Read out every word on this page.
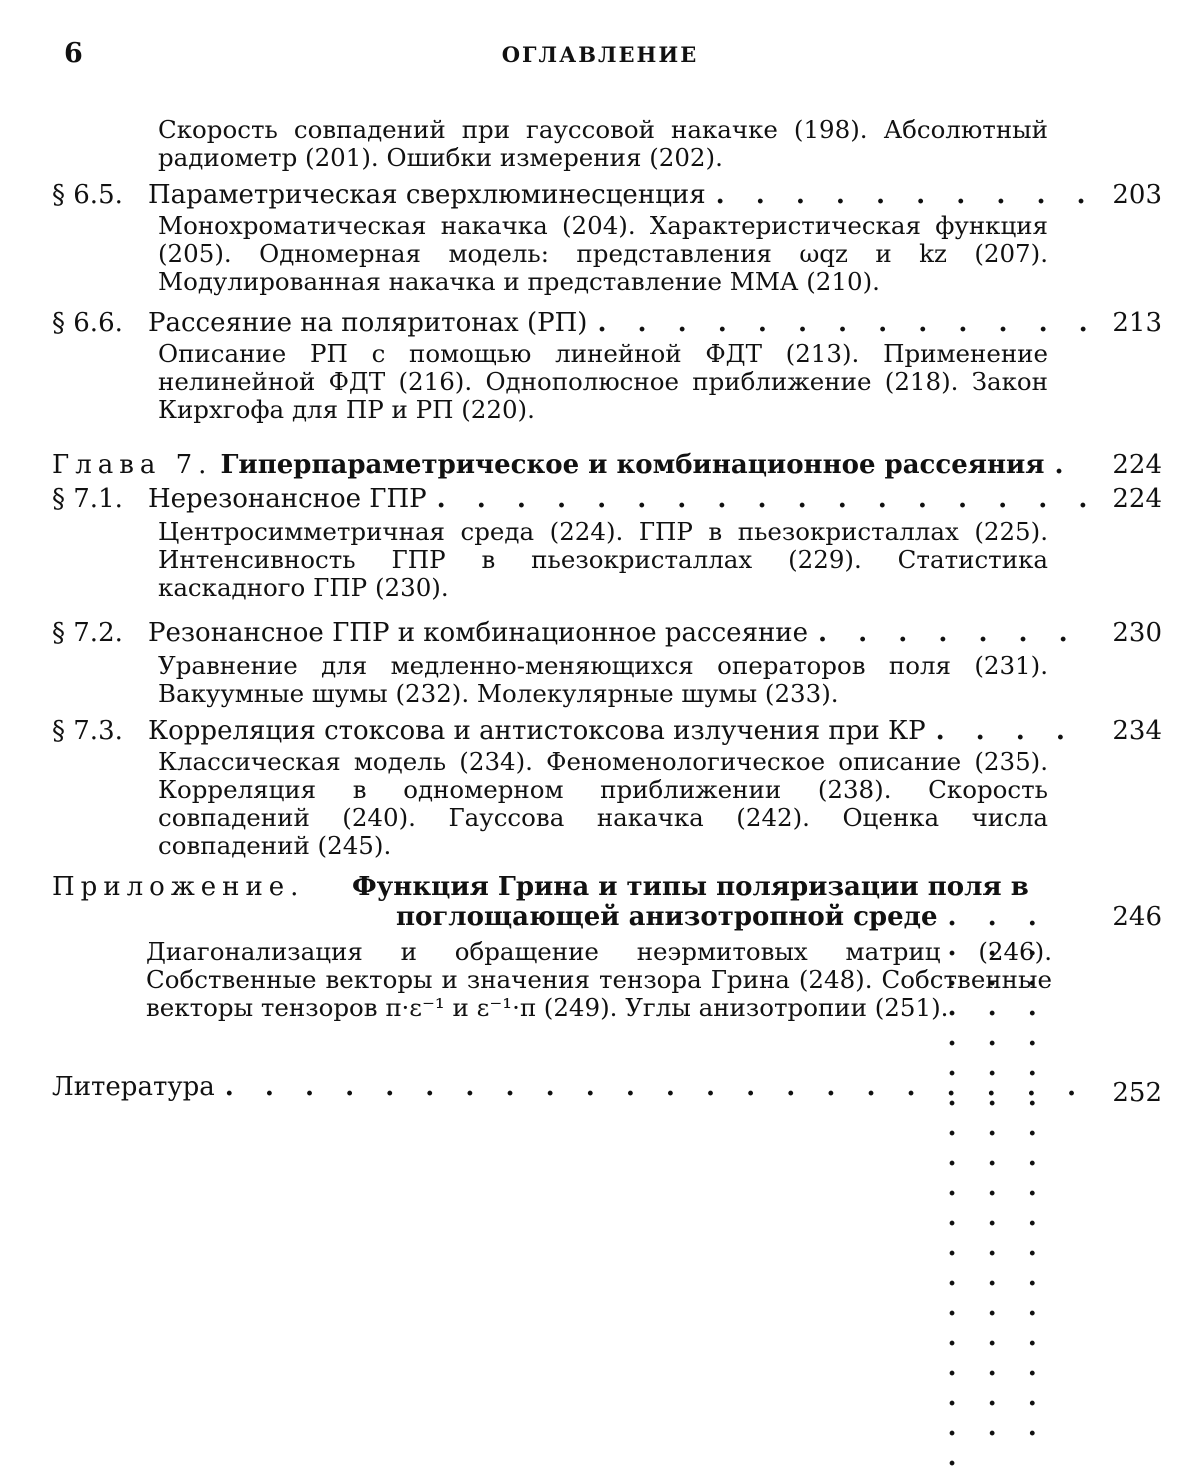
6	ОГЛАВЛЕНИЕ
Скорость совпадений при гауссовой накачке (198). Абсолютный радиометр (201). Ошибки измерения (202).
§ 6.5. Параметрическая сверхлюминесценция . . .	203
Монохроматическая накачка (204). Характеристическая функция (205). Одномерная модель: представления ωqz и kz (207). Модулированная накачка и представление ММА (210).
§ 6.6. Рассеяние на поляритонах (РП) . . .	213
Описание РП с помощью линейной ФДТ (213). Применение нелинейной ФДТ (216). Однополюсное приближение (218). Закон Кирхгофа для ПР и РП (220).
Глава 7. Гиперпараметрическое и комбинационное рассеяния . . .	224
§ 7.1. Нерезонансное ГПР . . .	224
Центросимметричная среда (224). ГПР в пьезокристаллах (225). Интенсивность ГПР в пьезокристаллах (229). Статистика каскадного ГПР (230).
§ 7.2. Резонансное ГПР и комбинационное рассеяние . . .	230
Уравнение для медленно-меняющихся операторов поля (231). Вакуумные шумы (232). Молекулярные шумы (233).
§ 7.3. Корреляция стоксова и антистоксова излучения при КР . . .	234
Классическая модель (234). Феноменологическое описание (235). Корреляция в одномерном приближении (238). Скорость совпадений (240). Гауссова накачка (242). Оценка числа совпадений (245).
Приложение. Функция Грина и типы поляризации поля в
поглощающей анизотропной среде . . .	246
Диагонализация и обращение неэрмитовых матриц (246). Собственные векторы и значения тензора Грина (248). Собственные векторы тензоров π·ε⁻¹ и ε⁻¹·π (249). Углы анизотропии (251).
Литература . . .	252
